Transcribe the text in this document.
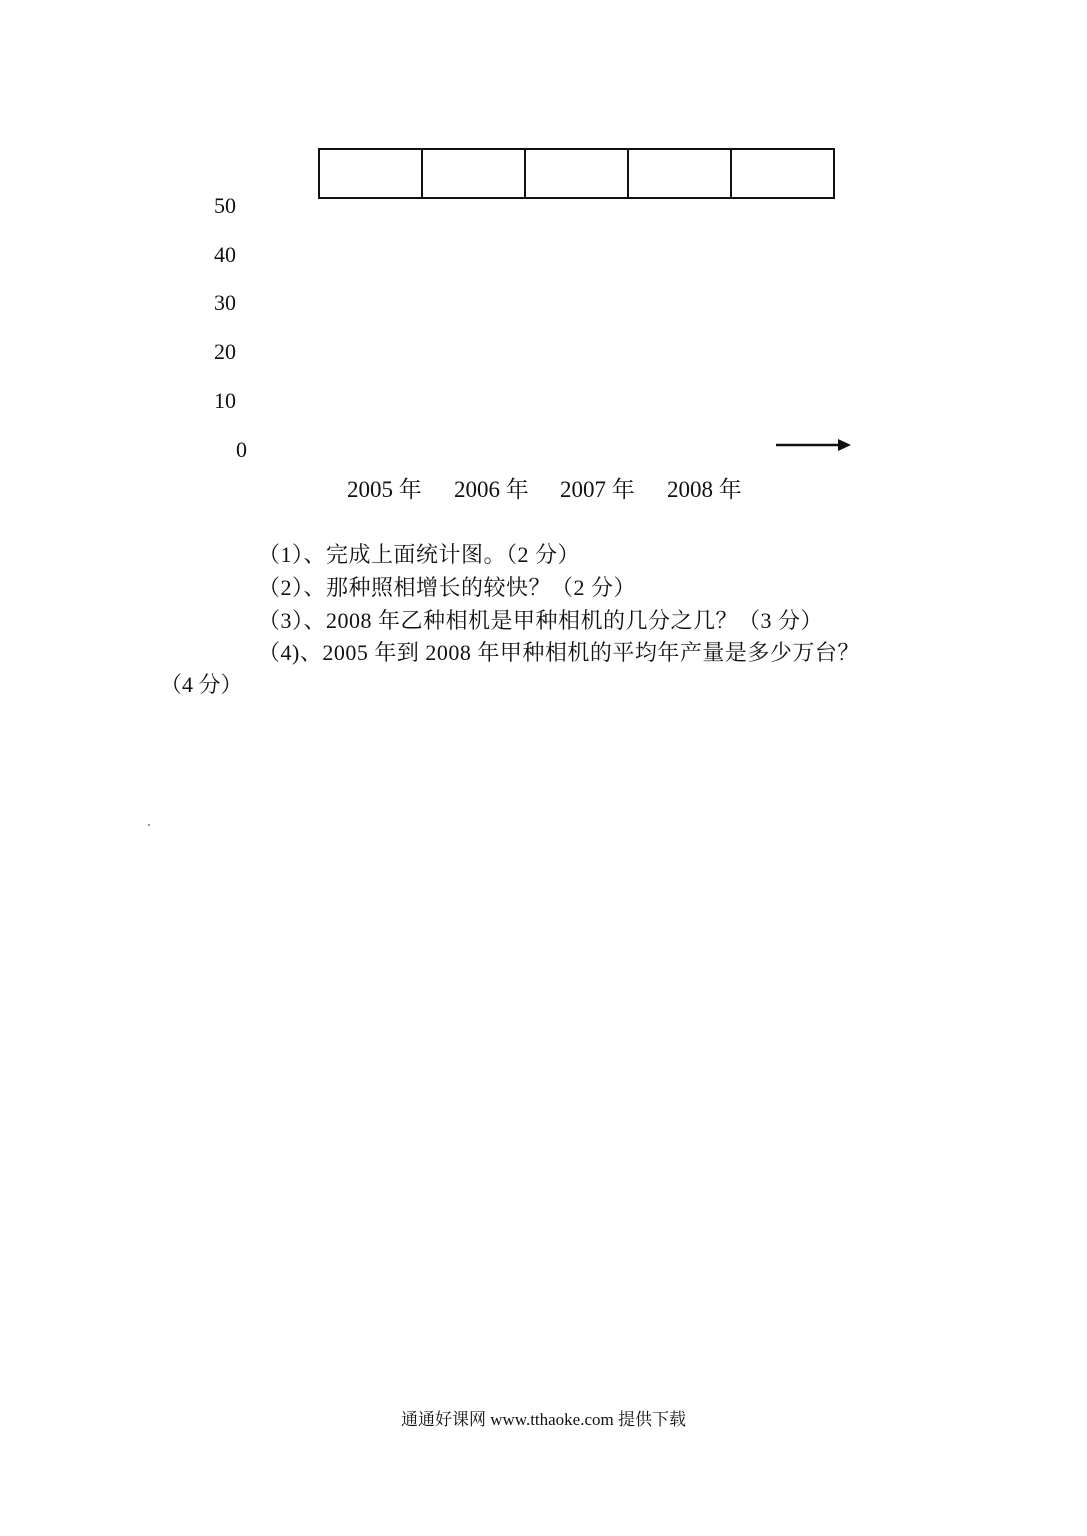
50
40
30
20
10
0
2005 年 2006 年 2007 年 2008 年
（1）、完成上面统计图。（2 分）
（2）、那种照相增长的较快？（2 分）
（3）、2008 年乙种相机是甲种相机的几分之几？（3 分）
（4)、2005 年到 2008 年甲种相机的平均年产量是多少万台？
（4 分）
通通好课网 www.tthaoke.com 提供下载
